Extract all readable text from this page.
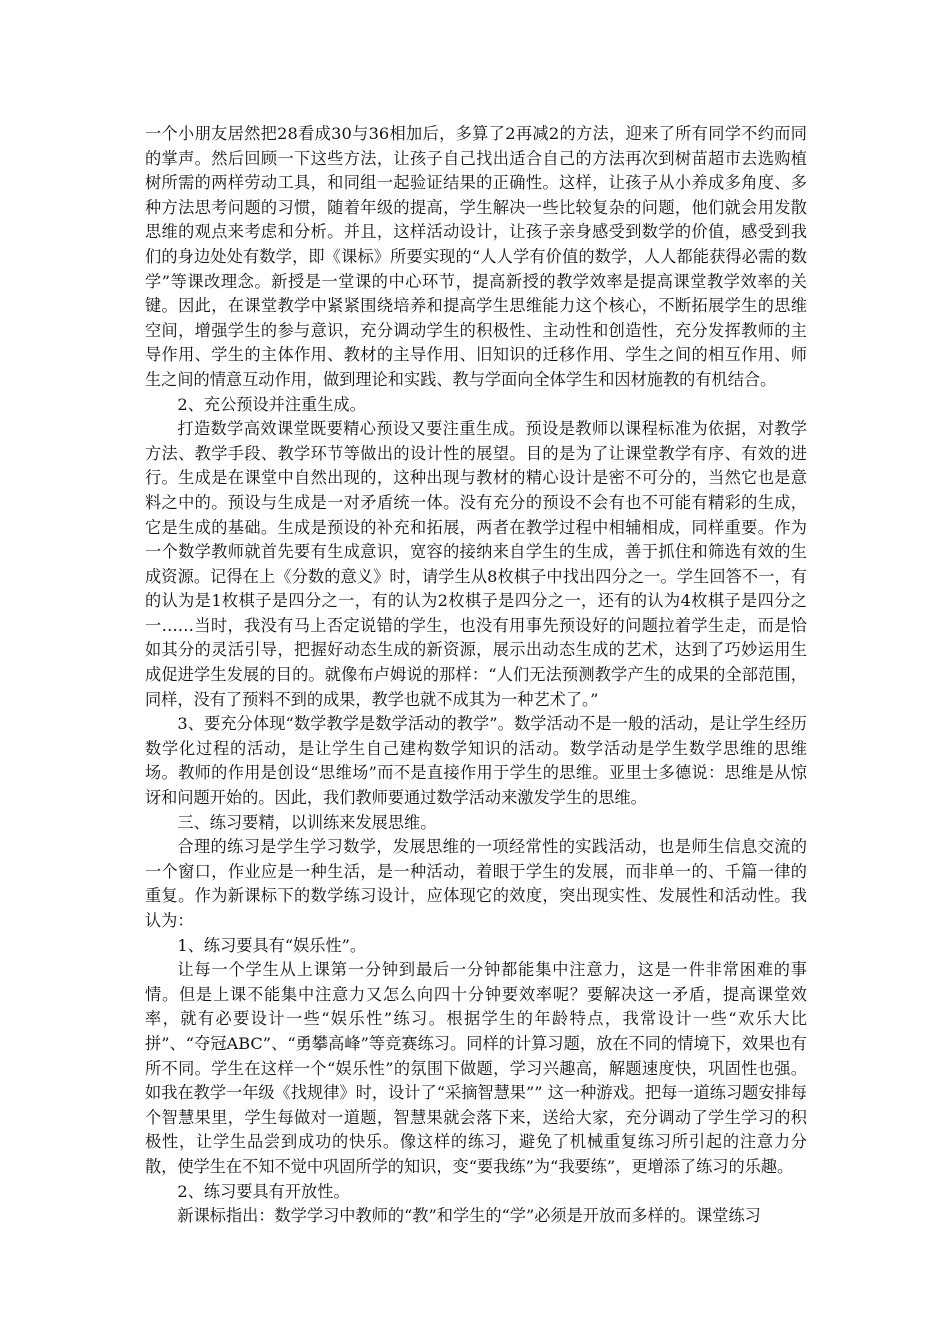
一个小朋友居然把28看成30与36相加后，多算了2再减2的方法，迎来了所有同学不约而同的掌声。然后回顾一下这些方法，让孩子自己找出适合自己的方法再次到树苗超市去选购植树所需的两样劳动工具，和同组一起验证结果的正确性。这样，让孩子从小养成多角度、多种方法思考问题的习惯，随着年级的提高，学生解决一些比较复杂的问题，他们就会用发散思维的观点来考虑和分析。并且，这样活动设计，让孩子亲身感受到数学的价值，感受到我们的身边处处有数学，即《课标》所要实现的“人人学有价值的数学，人人都能获得必需的数学”等课改理念。新授是一堂课的中心环节，提高新授的教学效率是提高课堂教学效率的关键。因此，在课堂教学中紧紧围绕培养和提高学生思维能力这个核心，不断拓展学生的思维空间，增强学生的参与意识，充分调动学生的积极性、主动性和创造性，充分发挥教师的主导作用、学生的主体作用、教材的主导作用、旧知识的迁移作用、学生之间的相互作用、师生之间的情意互动作用，做到理论和实践、教与学面向全体学生和因材施教的有机结合。

2、充公预设并注重生成。

打造数学高效课堂既要精心预设又要注重生成。预设是教师以课程标准为依据，对教学方法、教学手段、教学环节等做出的设计性的展望。目的是为了让课堂教学有序、有效的进行。生成是在课堂中自然出现的，这种出现与教材的精心设计是密不可分的，当然它也是意料之中的。预设与生成是一对矛盾统一体。没有充分的预设不会有也不可能有精彩的生成，它是生成的基础。生成是预设的补充和拓展，两者在教学过程中相辅相成，同样重要。作为一个数学教师就首先要有生成意识，宽容的接纳来自学生的生成，善于抓住和筛选有效的生成资源。记得在上《分数的意义》时，请学生从8枚棋子中找出四分之一。学生回答不一，有的认为是1枚棋子是四分之一，有的认为2枚棋子是四分之一，还有的认为4枚棋子是四分之一……当时，我没有马上否定说错的学生，也没有用事先预设好的问题拉着学生走，而是恰如其分的灵活引导，把握好动态生成的新资源，展示出动态生成的艺术，达到了巧妙运用生成促进学生发展的目的。就像布卢姆说的那样：“人们无法预测教学产生的成果的全部范围，同样，没有了预料不到的成果，教学也就不成其为一种艺术了。”

3、要充分体现“数学教学是数学活动的教学”。数学活动不是一般的活动，是让学生经历数学化过程的活动，是让学生自己建构数学知识的活动。数学活动是学生数学思维的思维场。教师的作用是创设“思维场”而不是直接作用于学生的思维。亚里士多德说：思维是从惊讶和问题开始的。因此，我们教师要通过数学活动来激发学生的思维。

三、练习要精，以训练来发展思维。

合理的练习是学生学习数学，发展思维的一项经常性的实践活动，也是师生信息交流的一个窗口，作业应是一种生活，是一种活动，着眼于学生的发展，而非单一的、千篇一律的重复。作为新课标下的数学练习设计，应体现它的效度，突出现实性、发展性和活动性。我认为：

1、练习要具有“娱乐性”。

让每一个学生从上课第一分钟到最后一分钟都能集中注意力，这是一件非常困难的事情。但是上课不能集中注意力又怎么向四十分钟要效率呢？要解决这一矛盾，提高课堂效率，就有必要设计一些“娱乐性”练习。根据学生的年龄特点，我常设计一些“欢乐大比拼”、“夺冠ABC”、“勇攀高峰”等竞赛练习。同样的计算习题，放在不同的情境下，效果也有所不同。学生在这样一个“娱乐性”的氛围下做题，学习兴趣高，解题速度快，巩固性也强。如我在教学一年级《找规律》时，设计了“采摘智慧果”” 这一种游戏。把每一道练习题安排每个智慧果里，学生每做对一道题，智慧果就会落下来，送给大家，充分调动了学生学习的积极性，让学生品尝到成功的快乐。像这样的练习，避免了机械重复练习所引起的注意力分散，使学生在不知不觉中巩固所学的知识，变“要我练”为“我要练”，更增添了练习的乐趣。

2、练习要具有开放性。

新课标指出：数学学习中教师的“教”和学生的“学”必须是开放而多样的。课堂练习
